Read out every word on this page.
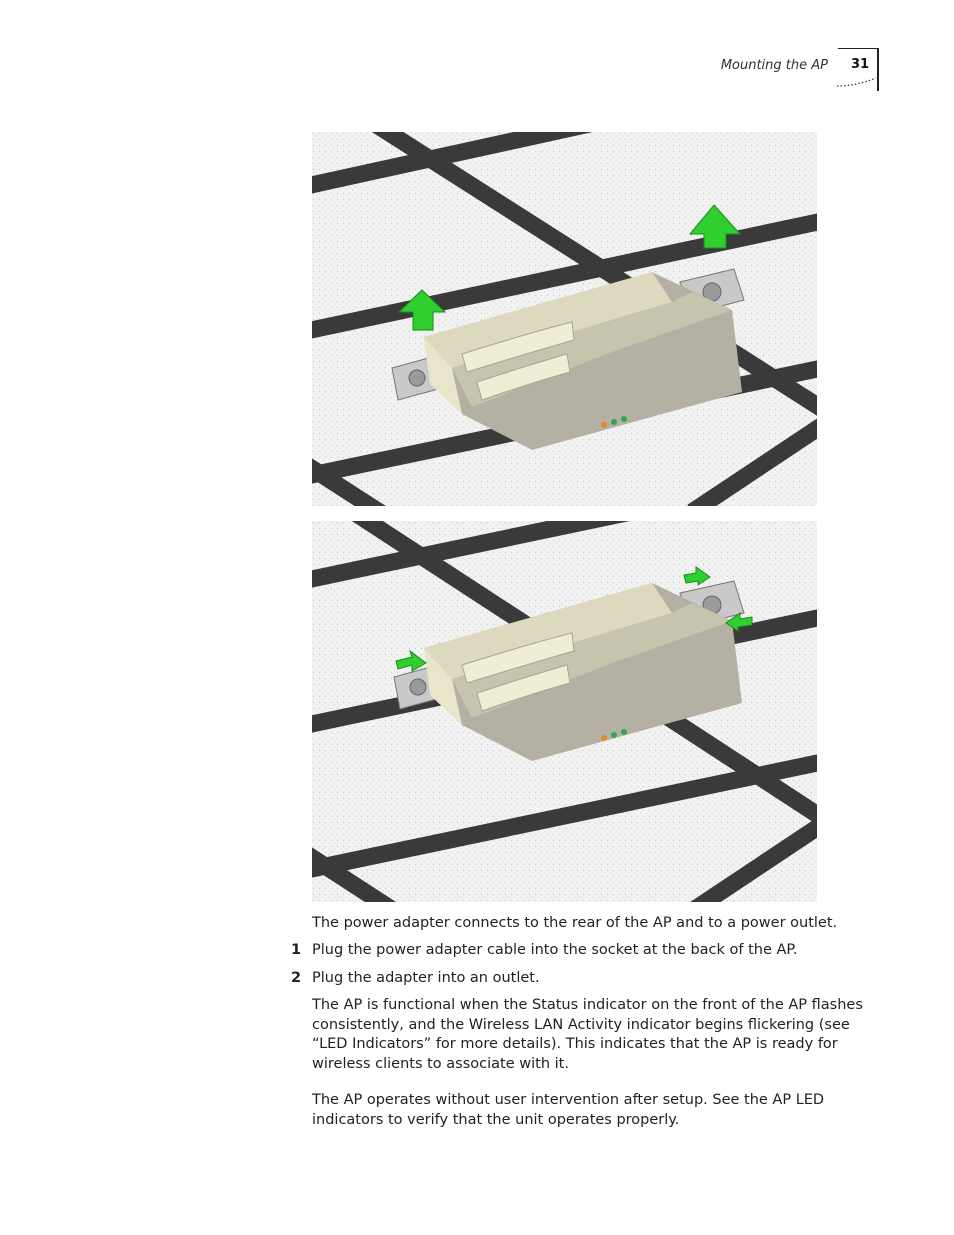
Mounting the AP 31
The power adapter connects to the rear of the AP and to a power outlet.
1 Plug the power adapter cable into the socket at the back of the AP.
2 Plug the adapter into an outlet.
The AP is functional when the Status indicator on the front of the AP flashes consistently, and the Wireless LAN Activity indicator begins flickering (see “LED Indicators” for more details). This indicates that the AP is ready for wireless clients to associate with it.
The AP operates without user intervention after setup. See the AP LED indicators to verify that the unit operates properly.
